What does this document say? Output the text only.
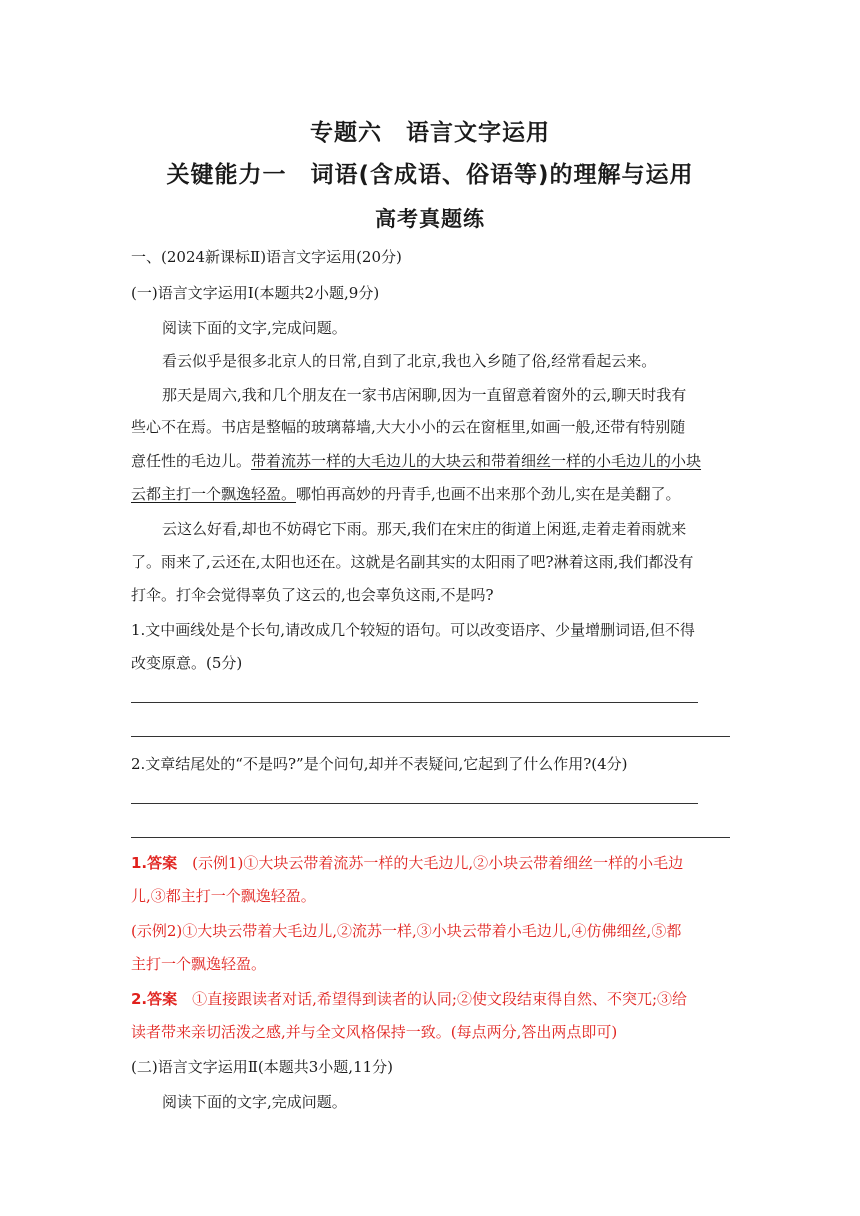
专题六　语言文字运用
关键能力一　词语(含成语、俗语等)的理解与运用
高考真题练
一、(2024新课标Ⅱ)语言文字运用(20分)
(一)语言文字运用Ⅰ(本题共2小题,9分)
阅读下面的文字,完成问题。
看云似乎是很多北京人的日常,自到了北京,我也入乡随了俗,经常看起云来。
那天是周六,我和几个朋友在一家书店闲聊,因为一直留意着窗外的云,聊天时我有
些心不在焉。书店是整幅的玻璃幕墙,大大小小的云在窗框里,如画一般,还带有特别随
意任性的毛边儿。带着流苏一样的大毛边儿的大块云和带着细丝一样的小毛边儿的小块
云都主打一个飘逸轻盈。哪怕再高妙的丹青手,也画不出来那个劲儿,实在是美翻了。
云这么好看,却也不妨碍它下雨。那天,我们在宋庄的街道上闲逛,走着走着雨就来
了。雨来了,云还在,太阳也还在。这就是名副其实的太阳雨了吧?淋着这雨,我们都没有
打伞。打伞会觉得辜负了这云的,也会辜负这雨,不是吗?
1.文中画线处是个长句,请改成几个较短的语句。可以改变语序、少量增删词语,但不得
改变原意。(5分)
2.文章结尾处的“不是吗?”是个问句,却并不表疑问,它起到了什么作用?(4分)
1.答案　(示例1)①大块云带着流苏一样的大毛边儿,②小块云带着细丝一样的小毛边
儿,③都主打一个飘逸轻盈。
(示例2)①大块云带着大毛边儿,②流苏一样,③小块云带着小毛边儿,④仿佛细丝,⑤都
主打一个飘逸轻盈。
2.答案　①直接跟读者对话,希望得到读者的认同;②使文段结束得自然、不突兀;③给
读者带来亲切活泼之感,并与全文风格保持一致。(每点两分,答出两点即可)
(二)语言文字运用Ⅱ(本题共3小题,11分)
阅读下面的文字,完成问题。
